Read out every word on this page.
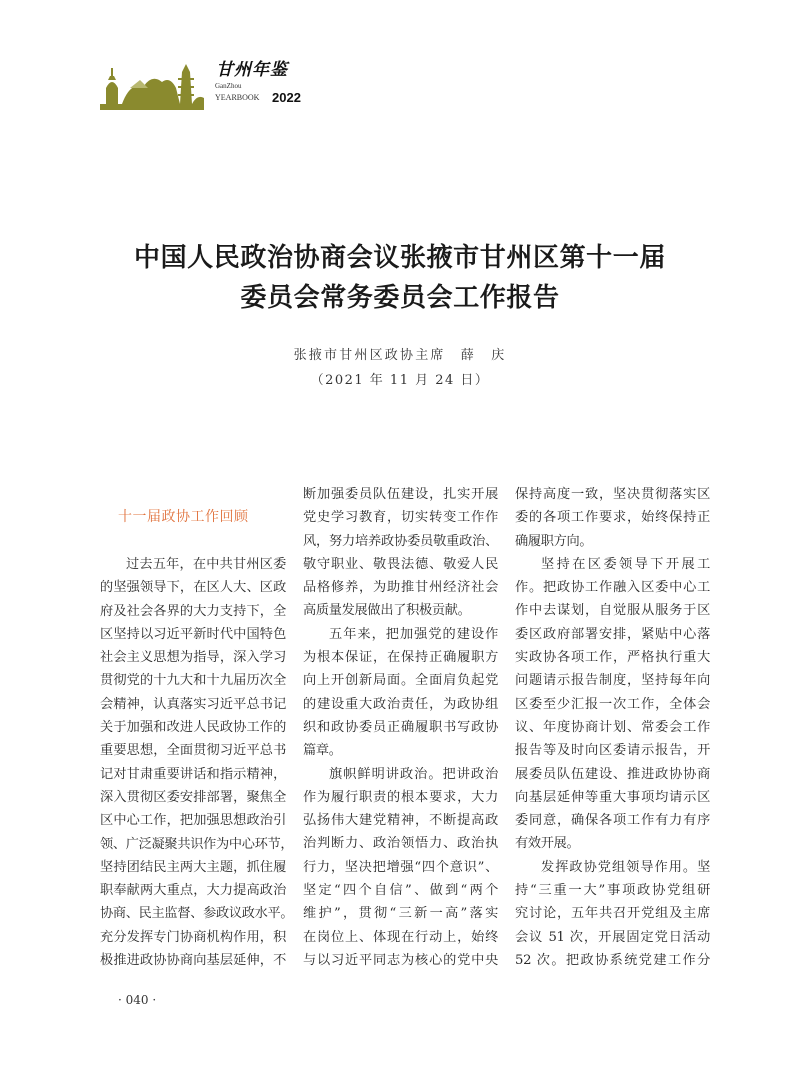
甘州年鉴
GanZhou
YEARBOOK 2022
中国人民政治协商会议张掖市甘州区第十一届
委员会常务委员会工作报告
张掖市甘州区政协主席　薛　庆
（2021 年 11 月 24 日）
十一届政协工作回顾
过去五年，在中共甘州区委
的坚强领导下，在区人大、区政
府及社会各界的大力支持下，全
区坚持以习近平新时代中国特色
社会主义思想为指导，深入学习
贯彻党的十九大和十九届历次全
会精神，认真落实习近平总书记
关于加强和改进人民政协工作的
重要思想，全面贯彻习近平总书
记对甘肃重要讲话和指示精神，
深入贯彻区委安排部署，聚焦全
区中心工作，把加强思想政治引
领、广泛凝聚共识作为中心环节，
坚持团结民主两大主题，抓住履
职奉献两大重点，大力提高政治
协商、民主监督、参政议政水平。
充分发挥专门协商机构作用，积
极推进政协协商向基层延伸，不
断加强委员队伍建设，扎实开展
党史学习教育，切实转变工作作
风，努力培养政协委员敬重政治、
敬守职业、敬畏法德、敬爱人民
品格修养，为助推甘州经济社会
高质量发展做出了积极贡献。
五年来，把加强党的建设作
为根本保证，在保持正确履职方
向上开创新局面。全面肩负起党
的建设重大政治责任，为政协组
织和政协委员正确履职书写政协
篇章。
旗帜鲜明讲政治。把讲政治
作为履行职责的根本要求，大力
弘扬伟大建党精神，不断提高政
治判断力、政治领悟力、政治执
行力，坚决把增强“四个意识”、
坚定“四个自信”、做到“两个
维护”，贯彻“三新一高”落实
在岗位上、体现在行动上，始终
与以习近平同志为核心的党中央
保持高度一致，坚决贯彻落实区
委的各项工作要求，始终保持正
确履职方向。
坚持在区委领导下开展工
作。把政协工作融入区委中心工
作中去谋划，自觉服从服务于区
委区政府部署安排，紧贴中心落
实政协各项工作，严格执行重大
问题请示报告制度，坚持每年向
区委至少汇报一次工作，全体会
议、年度协商计划、常委会工作
报告等及时向区委请示报告，开
展委员队伍建设、推进政协协商
向基层延伸等重大事项均请示区
委同意，确保各项工作有力有序
有效开展。
发挥政协党组领导作用。坚
持“三重一大”事项政协党组研
究讨论，五年共召开党组及主席
会议 51 次，开展固定党日活动
52 次。把政协系统党建工作分
· 040 ·
